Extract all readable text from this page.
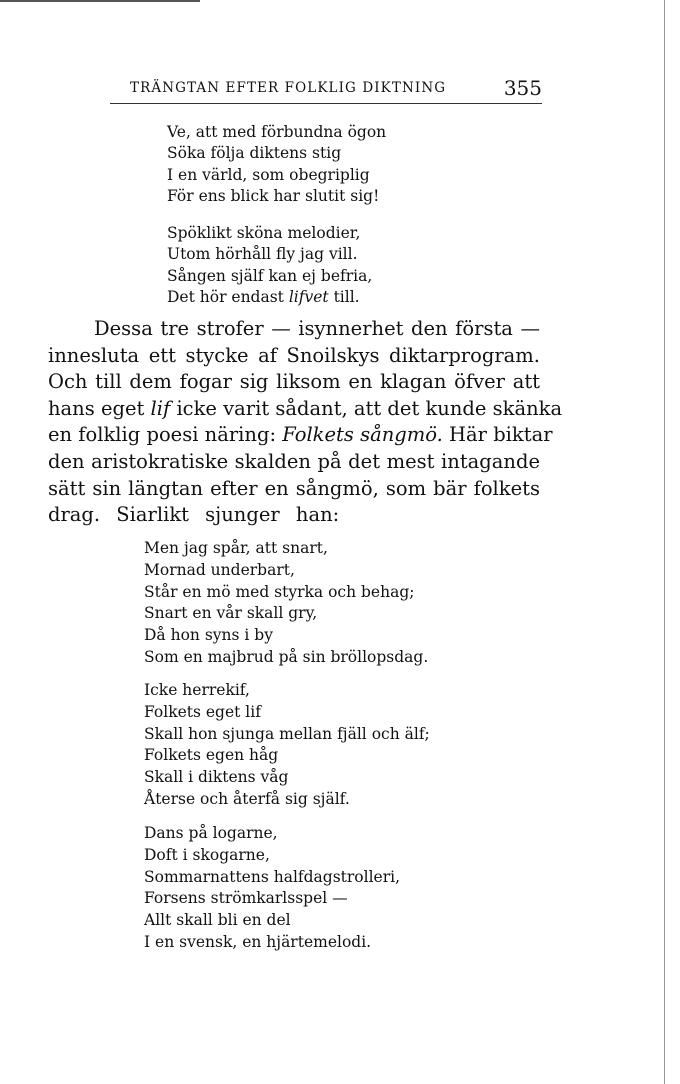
TRÄNGTAN EFTER FOLKLIG DIKTNING	355
Ve, att med förbundna ögon
Söka följa diktens stig
I en värld, som obegriplig
För ens blick har slutit sig!
Spöklikt sköna melodier,
Utom hörhåll fly jag vill.
Sången själf kan ej befria,
Det hör endast lifvet till.
Dessa tre strofer — isynnerhet den första —
innesluta ett stycke af Snoilskys diktarprogram.
Och till dem fogar sig liksom en klagan öfver att
hans eget lif icke varit sådant, att det kunde skänka
en folklig poesi näring: Folkets sångmö. Här biktar
den aristokratiske skalden på det mest intagande
sätt sin längtan efter en sångmö, som bär folkets
drag. Siarlikt sjunger han:
Men jag spår, att snart,
Mornad underbart,
Står en mö med styrka och behag;
Snart en vår skall gry,
Då hon syns i by
Som en majbrud på sin bröllopsdag.
Icke herrekif,
Folkets eget lif
Skall hon sjunga mellan fjäll och älf;
Folkets egen håg
Skall i diktens våg
Återse och återfå sig själf.
Dans på logarne,
Doft i skogarne,
Sommarnattens halfdagstrolleri,
Forsens strömkarlsspel —
Allt skall bli en del
I en svensk, en hjärtemelodi.
